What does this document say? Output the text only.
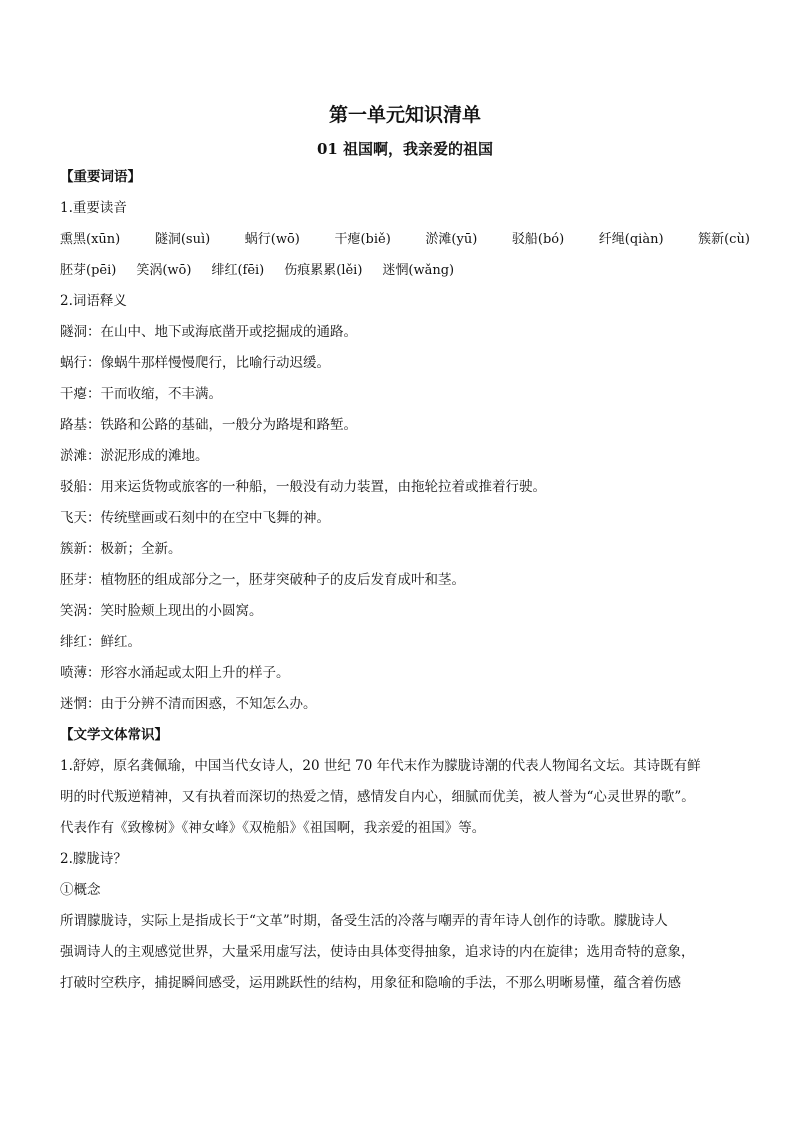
第一单元知识清单
01 祖国啊，我亲爱的祖国
【重要词语】
1.重要读音
熏黑(xūn)	隧洞(suì)	蜗行(wō)	干瘪(biě)	淤滩(yū)	驳船(bó)	纤绳(qiàn)	簇新(cù)
胚芽(pēi) 笑涡(wō) 绯红(fēi) 伤痕累累(lěi) 迷惘(wǎng)
2.词语释义
隧洞：在山中、地下或海底凿开或挖掘成的通路。
蜗行：像蜗牛那样慢慢爬行，比喻行动迟缓。
干瘪：干而收缩，不丰满。
路基：铁路和公路的基础，一般分为路堤和路堑。
淤滩：淤泥形成的滩地。
驳船：用来运货物或旅客的一种船，一般没有动力装置，由拖轮拉着或推着行驶。
飞天：传统壁画或石刻中的在空中飞舞的神。
簇新：极新；全新。
胚芽：植物胚的组成部分之一，胚芽突破种子的皮后发育成叶和茎。
笑涡：笑时脸颊上现出的小圆窝。
绯红：鲜红。
喷薄：形容水涌起或太阳上升的样子。
迷惘：由于分辨不清而困惑，不知怎么办。
【文学文体常识】
1.舒婷，原名龚佩瑜，中国当代女诗人，20 世纪 70 年代末作为朦胧诗潮的代表人物闻名文坛。其诗既有鲜
明的时代叛逆精神，又有执着而深切的热爱之情，感情发自内心，细腻而优美，被人誉为“心灵世界的歌”。
代表作有《致橡树》《神女峰》《双桅船》《祖国啊，我亲爱的祖国》等。
2.朦胧诗？
①概念
所谓朦胧诗，实际上是指成长于“文革”时期，备受生活的冷落与嘲弄的青年诗人创作的诗歌。朦胧诗人
强调诗人的主观感觉世界，大量采用虚写法，使诗由具体变得抽象，追求诗的内在旋律；选用奇特的意象，
打破时空秩序，捕捉瞬间感受，运用跳跃性的结构，用象征和隐喻的手法，不那么明晰易懂，蕴含着伤感
